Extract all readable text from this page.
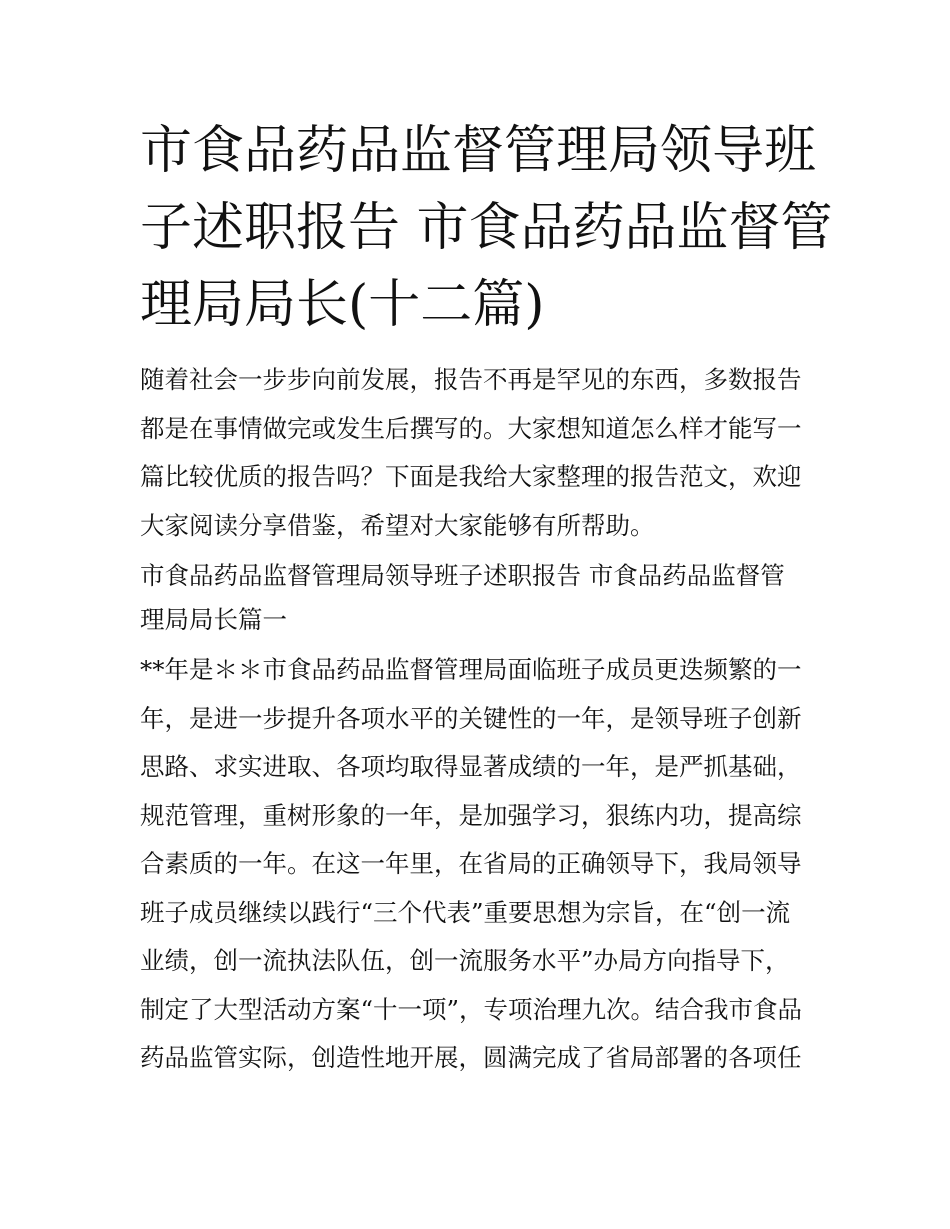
市食品药品监督管理局领导班
子述职报告 市食品药品监督管
理局局长(十二篇)

随着社会一步步向前发展，报告不再是罕见的东西，多数报告
都是在事情做完或发生后撰写的。大家想知道怎么样才能写一
篇比较优质的报告吗？下面是我给大家整理的报告范文，欢迎
大家阅读分享借鉴，希望对大家能够有所帮助。

市食品药品监督管理局领导班子述职报告 市食品药品监督管
理局局长篇一

**年是＊＊市食品药品监督管理局面临班子成员更迭频繁的一
年，是进一步提升各项水平的关键性的一年，是领导班子创新
思路、求实进取、各项均取得显著成绩的一年，是严抓基础，
规范管理，重树形象的一年，是加强学习，狠练内功，提高综
合素质的一年。在这一年里，在省局的正确领导下，我局领导
班子成员继续以践行“三个代表”重要思想为宗旨，在“创一流
业绩，创一流执法队伍，创一流服务水平”办局方向指导下，
制定了大型活动方案“十一项”，专项治理九次。结合我市食品
药品监管实际，创造性地开展，圆满完成了省局部署的各项任
